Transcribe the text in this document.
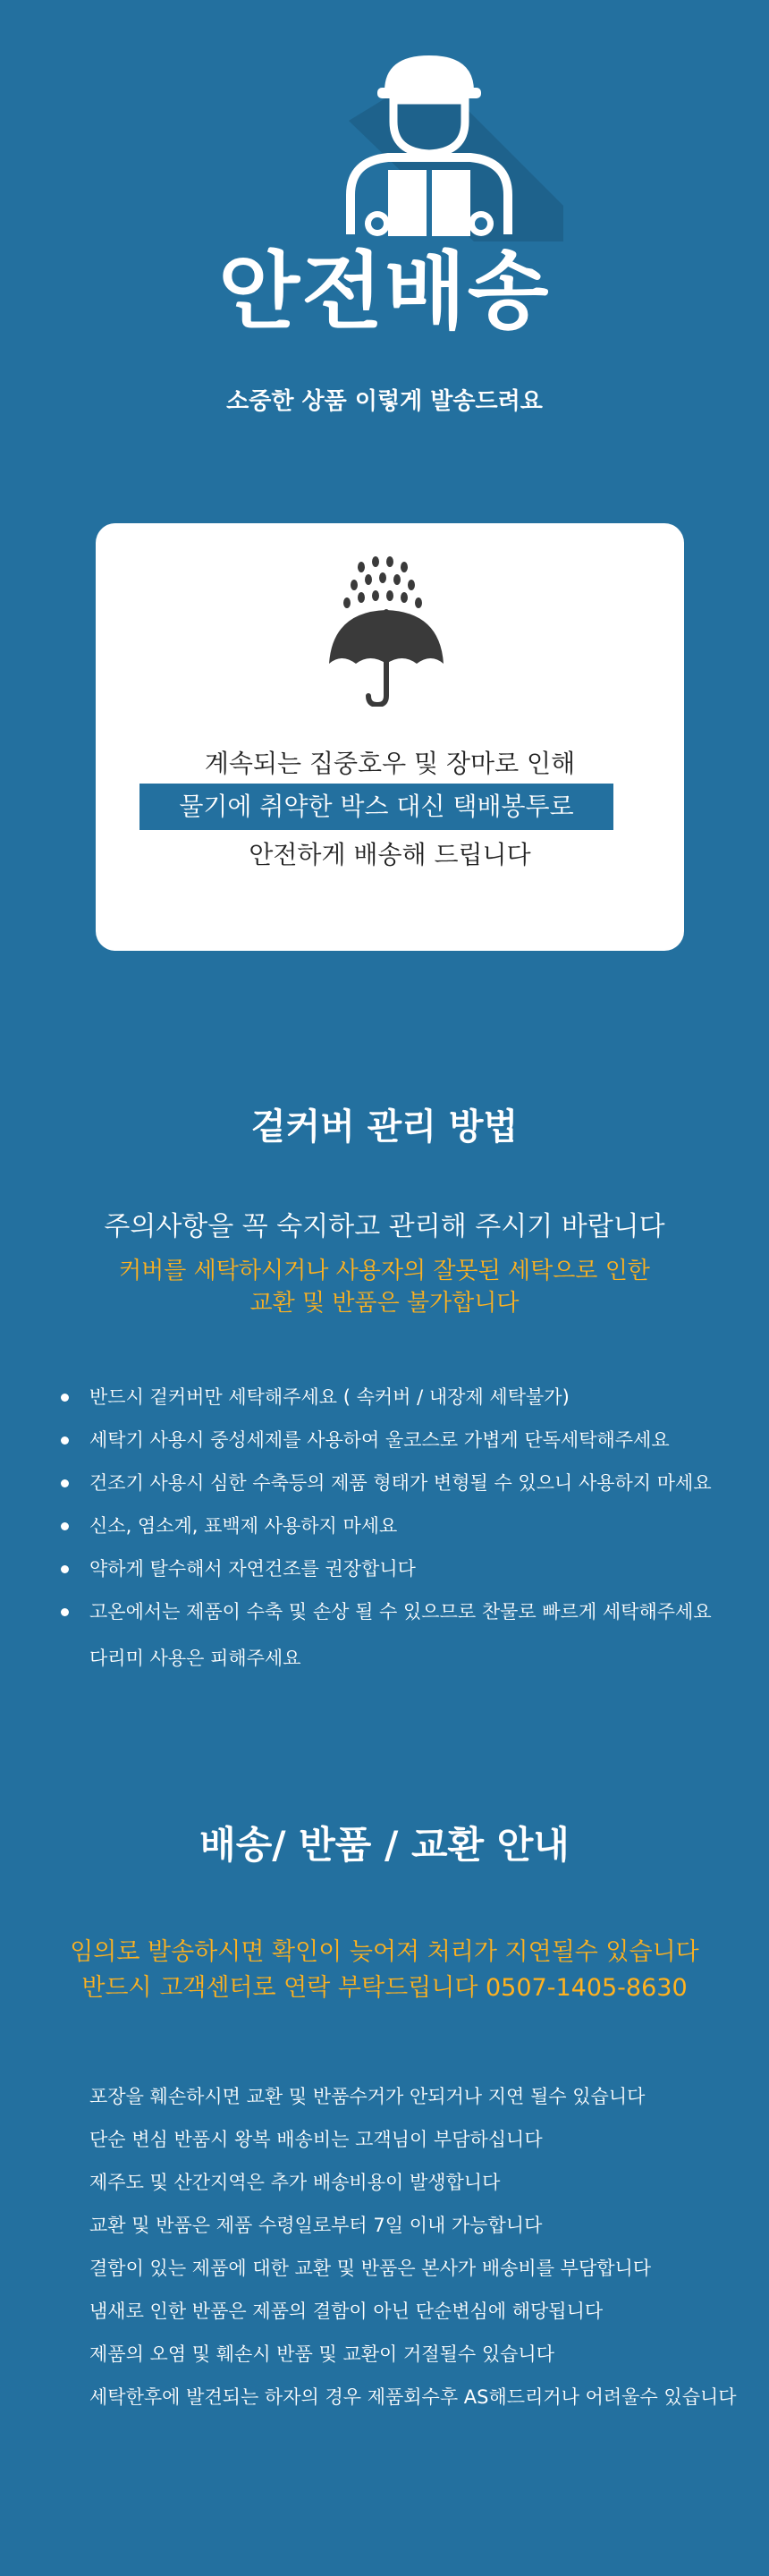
안전배송
소중한 상품 이렇게 발송드려요
계속되는 집중호우 및 장마로 인해
물기에 취약한 박스 대신 택배봉투로
안전하게 배송해 드립니다
겉커버 관리 방법
주의사항을 꼭 숙지하고 관리해 주시기 바랍니다
커버를 세탁하시거나 사용자의 잘못된 세탁으로 인한
교환 및 반품은 불가합니다
반드시 겉커버만 세탁해주세요 ( 속커버 / 내장제 세탁불가)
세탁기 사용시 중성세제를 사용하여 울코스로 가볍게 단독세탁해주세요
건조기 사용시 심한 수축등의 제품 형태가 변형될 수 있으니 사용하지 마세요
신소, 염소계, 표백제 사용하지 마세요
약하게 탈수해서 자연건조를 권장합니다
고온에서는 제품이 수축 및 손상 될 수 있으므로 찬물로 빠르게 세탁해주세요
다리미 사용은 피해주세요
배송/ 반품 / 교환 안내
임의로 발송하시면 확인이 늦어져 처리가 지연될수 있습니다
반드시 고객센터로 연락 부탁드립니다 0507-1405-8630
포장을 훼손하시면 교환 및 반품수거가 안되거나 지연 될수 있습니다
단순 변심 반품시 왕복 배송비는 고객님이 부담하십니다
제주도 및 산간지역은 추가 배송비용이 발생합니다
교환 및 반품은 제품 수령일로부터 7일 이내 가능합니다
결함이 있는 제품에 대한 교환 및 반품은 본사가 배송비를 부담합니다
냄새로 인한 반품은 제품의 결함이 아닌 단순변심에 해당됩니다
제품의 오염 및 훼손시 반품 및 교환이 거절될수 있습니다
세탁한후에 발견되는 하자의 경우 제품회수후 AS해드리거나 어려울수 있습니다
